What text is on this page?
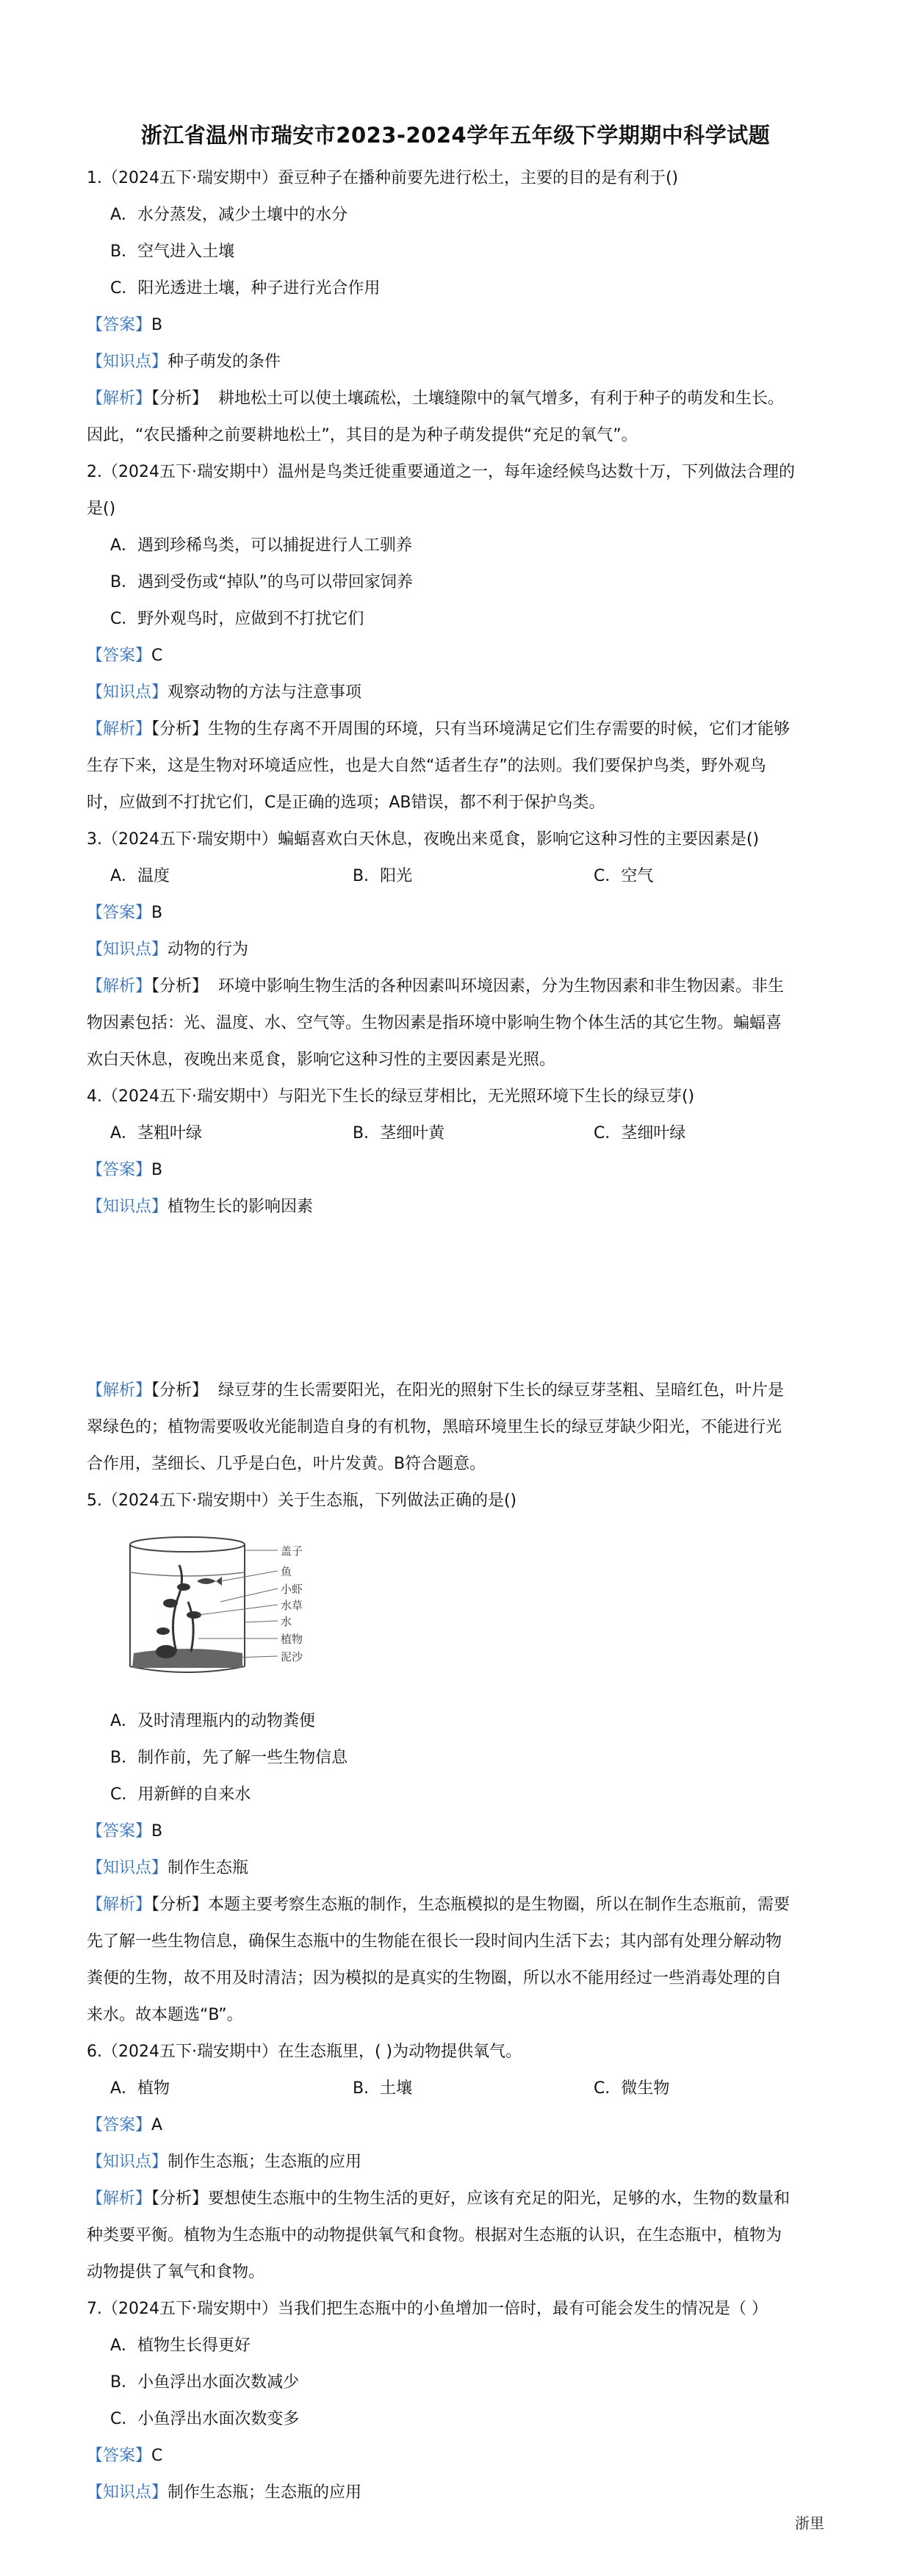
浙江省温州市瑞安市2023-2024学年五年级下学期期中科学试题
1.（2024五下·瑞安期中）蚕豆种子在播种前要先进行松土，主要的目的是有利于()
A．水分蒸发，减少土壤中的水分
B．空气进入土壤
C．阳光透进土壤，种子进行光合作用
【答案】B
【知识点】种子萌发的条件
【解析】【分析】 耕地松土可以使土壤疏松，土壤缝隙中的氧气增多，有利于种子的萌发和生长。
因此，“农民播种之前要耕地松土”，其目的是为种子萌发提供“充足的氧气”。
2.（2024五下·瑞安期中）温州是鸟类迁徙重要通道之一，每年途经候鸟达数十万，下列做法合理的
是()
A．遇到珍稀鸟类，可以捕捉进行人工驯养
B．遇到受伤或“掉队”的鸟可以带回家饲养
C．野外观鸟时，应做到不打扰它们
【答案】C
【知识点】观察动物的方法与注意事项
【解析】【分析】生物的生存离不开周围的环境，只有当环境满足它们生存需要的时候，它们才能够
生存下来，这是生物对环境适应性，也是大自然“适者生存”的法则。我们要保护鸟类，野外观鸟
时，应做到不打扰它们，C是正确的选项；AB错误，都不利于保护鸟类。
3.（2024五下·瑞安期中）蝙蝠喜欢白天休息，夜晚出来觅食，影响它这种习性的主要因素是()
A．温度	B．阳光	C．空气
【答案】B
【知识点】动物的行为
【解析】【分析】 环境中影响生物生活的各种因素叫环境因素，分为生物因素和非生物因素。非生
物因素包括：光、温度、水、空气等。生物因素是指环境中影响生物个体生活的其它生物。蝙蝠喜
欢白天休息，夜晚出来觅食，影响它这种习性的主要因素是光照。
4.（2024五下·瑞安期中）与阳光下生长的绿豆芽相比，无光照环境下生长的绿豆芽()
A．茎粗叶绿	B．茎细叶黄	C．茎细叶绿
【答案】B
【知识点】植物生长的影响因素
【解析】【分析】 绿豆芽的生长需要阳光，在阳光的照射下生长的绿豆芽茎粗、呈暗红色，叶片是
翠绿色的；植物需要吸收光能制造自身的有机物，黑暗环境里生长的绿豆芽缺少阳光，不能进行光
合作用，茎细长、几乎是白色，叶片发黄。B符合题意。
5.（2024五下·瑞安期中）关于生态瓶，下列做法正确的是()
盖子
鱼
小虾
水草
水
植物
泥沙
A．及时清理瓶内的动物粪便
B．制作前，先了解一些生物信息
C．用新鲜的自来水
【答案】B
【知识点】制作生态瓶
【解析】【分析】本题主要考察生态瓶的制作，生态瓶模拟的是生物圈，所以在制作生态瓶前，需要
先了解一些生物信息，确保生态瓶中的生物能在很长一段时间内生活下去；其内部有处理分解动物
粪便的生物，故不用及时清洁；因为模拟的是真实的生物圈，所以水不能用经过一些消毒处理的自
来水。故本题选“B”。
6.（2024五下·瑞安期中）在生态瓶里，( )为动物提供氧气。
A．植物	B．土壤	C．微生物
【答案】A
【知识点】制作生态瓶；生态瓶的应用
【解析】【分析】要想使生态瓶中的生物生活的更好，应该有充足的阳光，足够的水，生物的数量和
种类要平衡。植物为生态瓶中的动物提供氧气和食物。根据对生态瓶的认识，在生态瓶中，植物为
动物提供了氧气和食物。
7.（2024五下·瑞安期中）当我们把生态瓶中的小鱼增加一倍时，最有可能会发生的情况是（ ）
A．植物生长得更好
B．小鱼浮出水面次数减少
C．小鱼浮出水面次数变多
【答案】C
【知识点】制作生态瓶；生态瓶的应用
浙里
